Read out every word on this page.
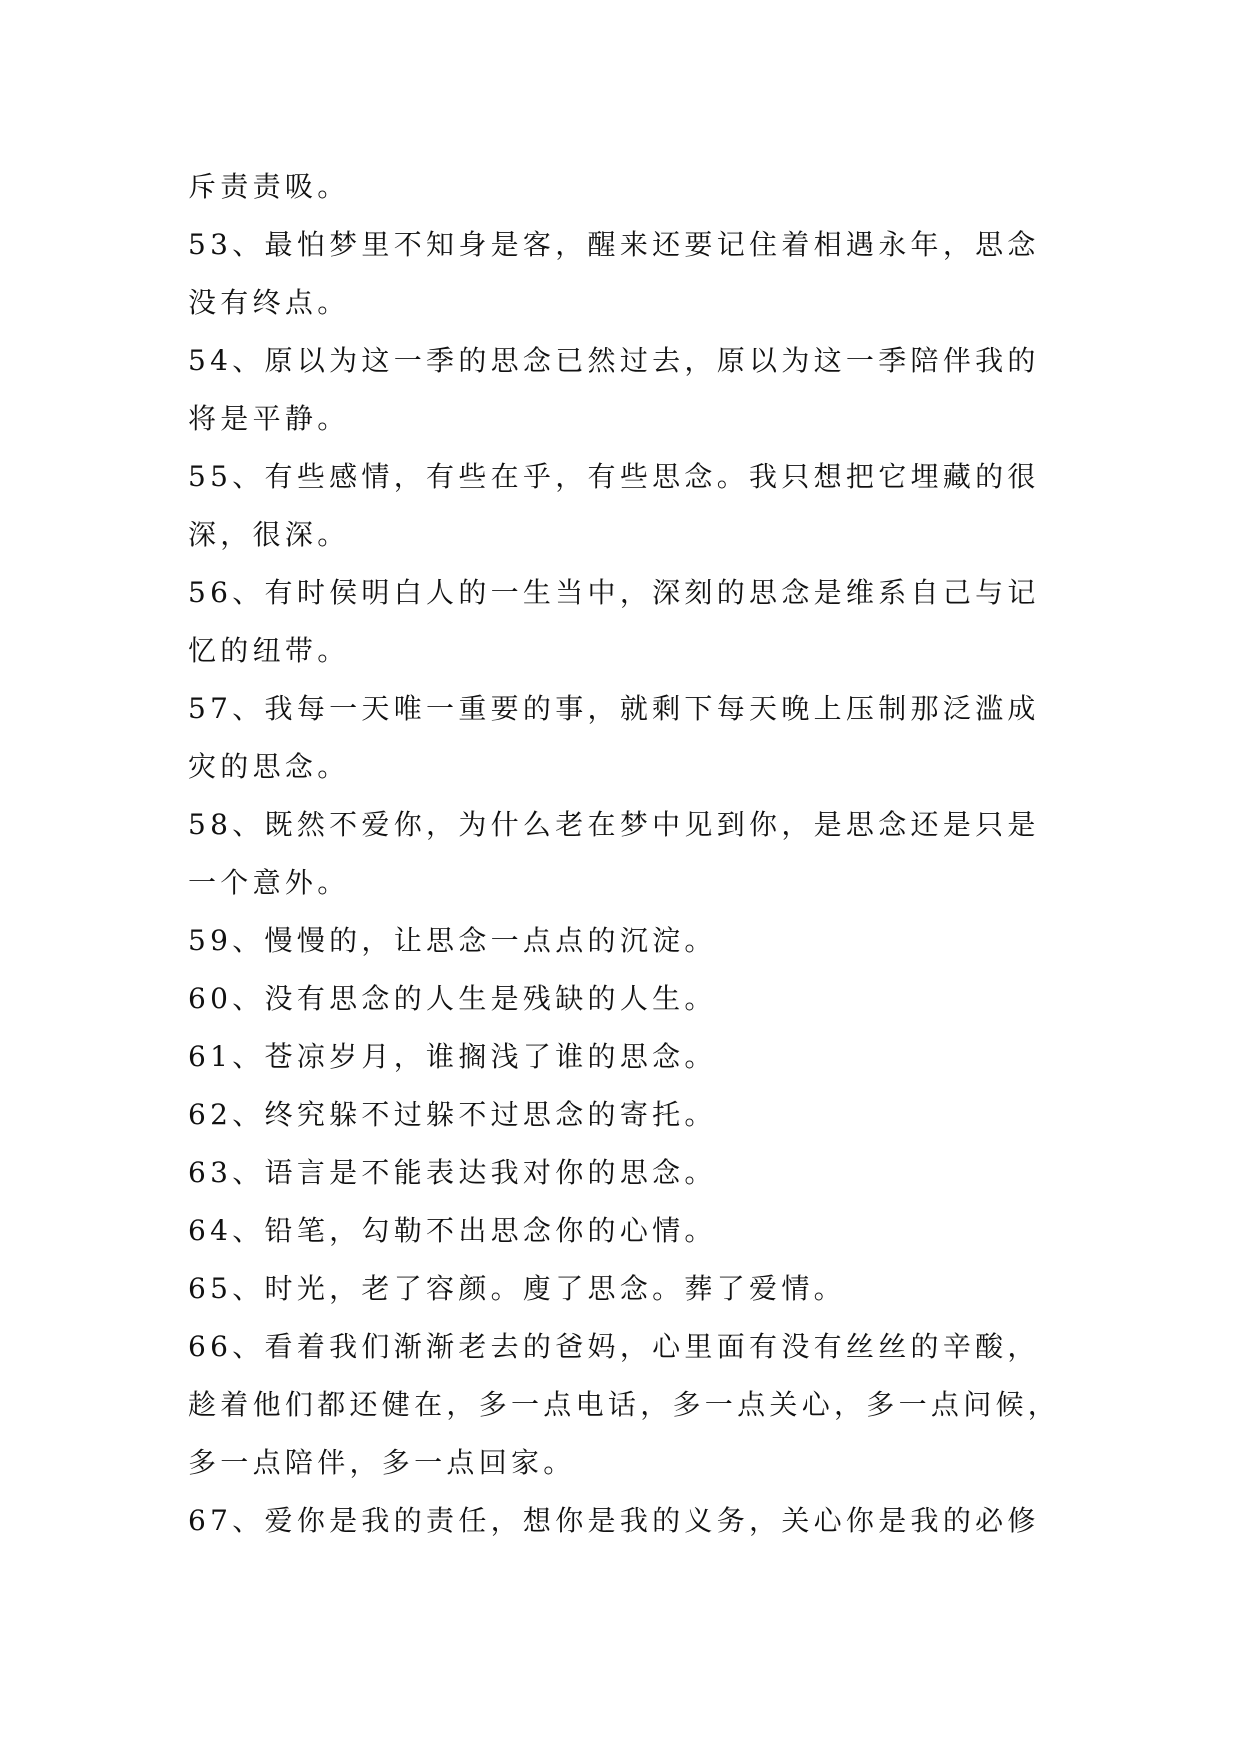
斥责责吸。
53、最怕梦里不知身是客，醒来还要记住着相遇永年，思念
没有终点。
54、原以为这一季的思念已然过去，原以为这一季陪伴我的
将是平静。
55、有些感情，有些在乎，有些思念。我只想把它埋藏的很
深，很深。
56、有时侯明白人的一生当中，深刻的思念是维系自己与记
忆的纽带。
57、我每一天唯一重要的事，就剩下每天晚上压制那泛滥成
灾的思念。
58、既然不爱你，为什么老在梦中见到你，是思念还是只是
一个意外。
59、慢慢的，让思念一点点的沉淀。
60、没有思念的人生是残缺的人生。
61、苍凉岁月，谁搁浅了谁的思念。
62、终究躲不过躲不过思念的寄托。
63、语言是不能表达我对你的思念。
64、铅笔，勾勒不出思念你的心情。
65、时光，老了容颜。廋了思念。葬了爱情。
66、看着我们渐渐老去的爸妈，心里面有没有丝丝的辛酸，
趁着他们都还健在，多一点电话，多一点关心，多一点问候，
多一点陪伴，多一点回家。
67、爱你是我的责任，想你是我的义务，关心你是我的必修
